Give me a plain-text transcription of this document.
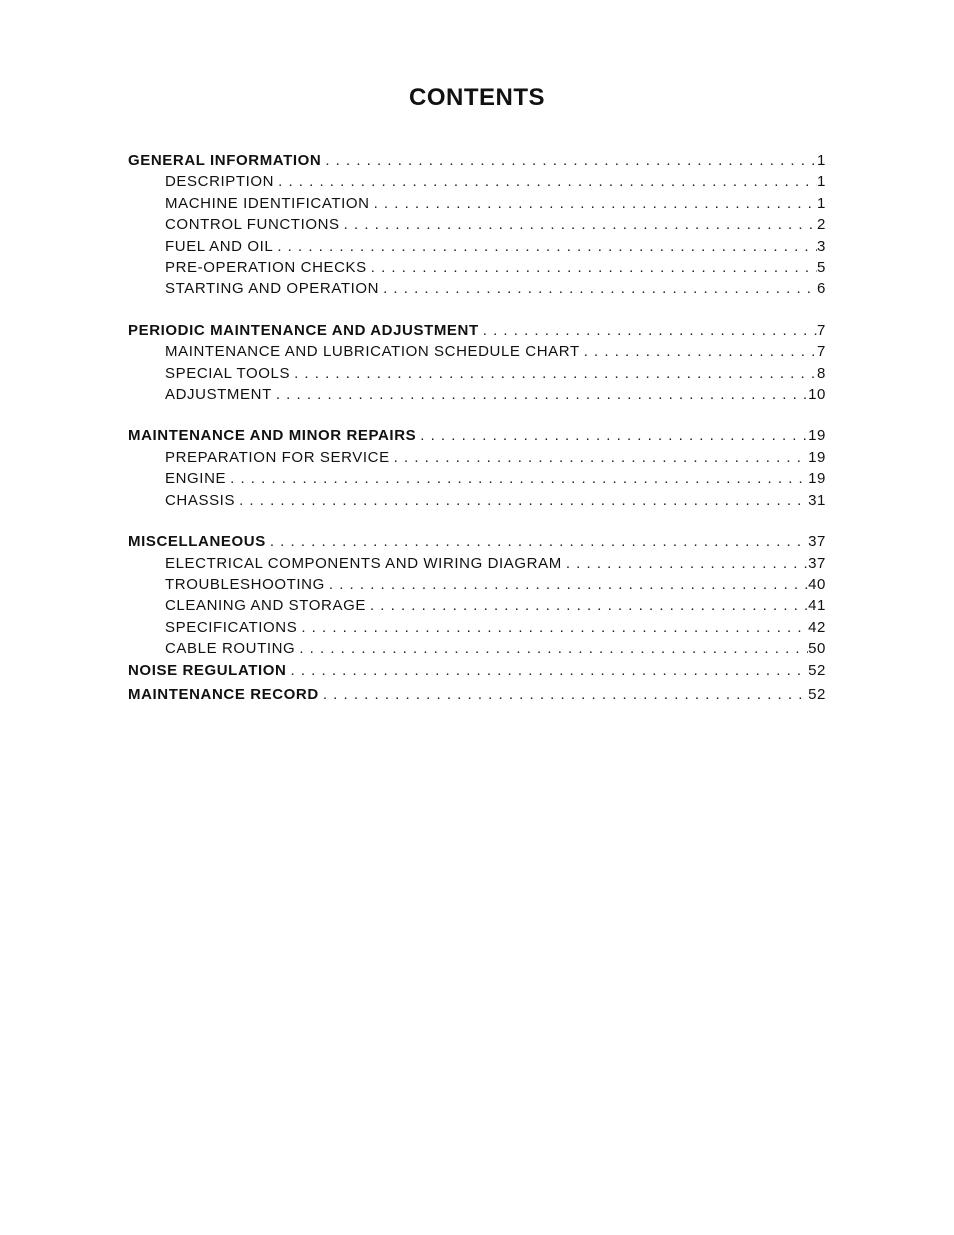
CONTENTS
GENERAL INFORMATION . . .	1
DESCRIPTION . . .	1
MACHINE IDENTIFICATION . . .	1
CONTROL FUNCTIONS . . .	2
FUEL AND OIL . . .	3
PRE-OPERATION CHECKS . . .	5
STARTING AND OPERATION . . .	6
PERIODIC MAINTENANCE AND ADJUSTMENT . . .	7
MAINTENANCE AND LUBRICATION SCHEDULE CHART . . .	7
SPECIAL TOOLS . . .	8
ADJUSTMENT . . .	10
MAINTENANCE AND MINOR REPAIRS . . .	19
PREPARATION FOR SERVICE . . .	19
ENGINE . . .	19
CHASSIS . . .	31
MISCELLANEOUS . . .	37
ELECTRICAL COMPONENTS AND WIRING DIAGRAM . . .	37
TROUBLESHOOTING . . .	40
CLEANING AND STORAGE . . .	41
SPECIFICATIONS . . .	42
CABLE ROUTING . . .	50
NOISE REGULATION . . .	52
MAINTENANCE RECORD . . .	52
